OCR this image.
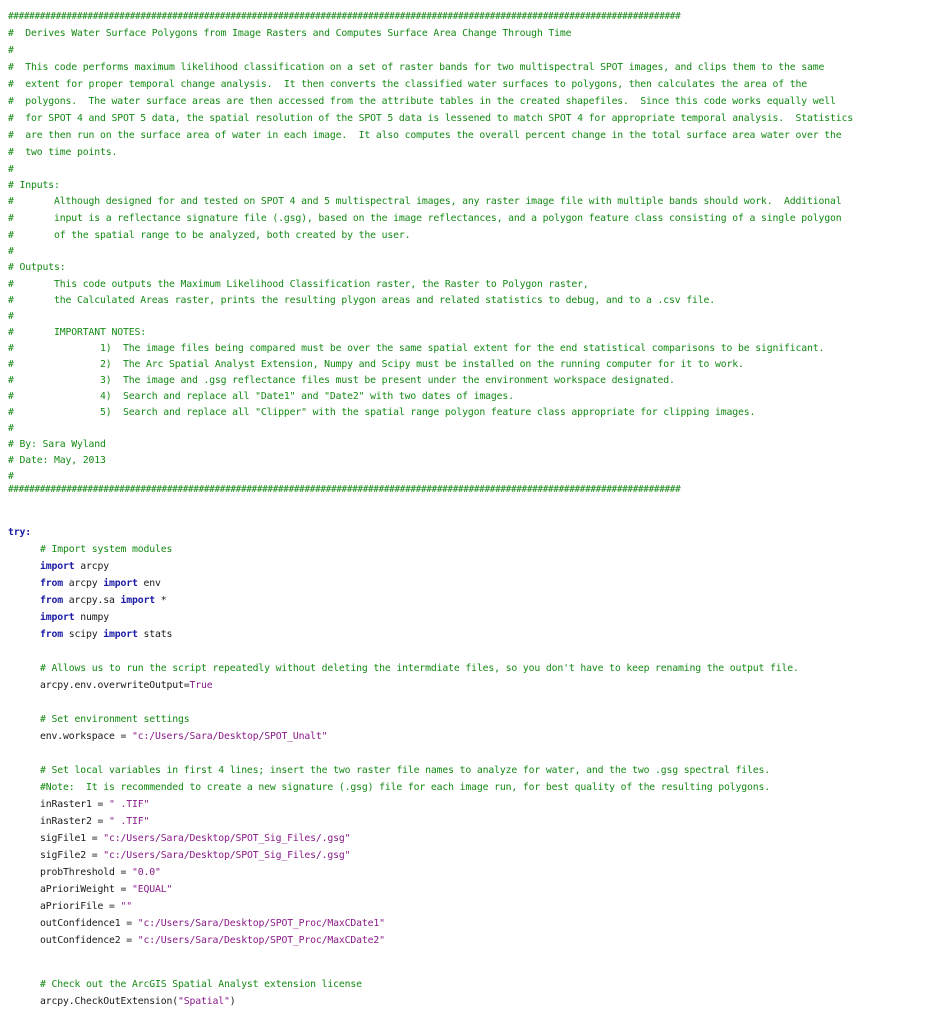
###############################################################################################################################
#  Derives Water Surface Polygons from Image Rasters and Computes Surface Area Change Through Time
#
#  This code performs maximum likelihood classification on a set of raster bands for two multispectral SPOT images, and clips them to the same
#  extent for proper temporal change analysis.  It then converts the classified water surfaces to polygons, then calculates the area of the
#  polygons.  The water surface areas are then accessed from the attribute tables in the created shapefiles.  Since this code works equally well
#  for SPOT 4 and SPOT 5 data, the spatial resolution of the SPOT 5 data is lessened to match SPOT 4 for appropriate temporal analysis.  Statistics
#  are then run on the surface area of water in each image.  It also computes the overall percent change in the total surface area water over the
#  two time points.
#
# Inputs:
#       Although designed for and tested on SPOT 4 and 5 multispectral images, any raster image file with multiple bands should work.  Additional
#       input is a reflectance signature file (.gsg), based on the image reflectances, and a polygon feature class consisting of a single polygon
#       of the spatial range to be analyzed, both created by the user.
#
# Outputs:
#       This code outputs the Maximum Likelihood Classification raster, the Raster to Polygon raster,
#       the Calculated Areas raster, prints the resulting plygon areas and related statistics to debug, and to a .csv file.
#
#       IMPORTANT NOTES:
#               1)  The image files being compared must be over the same spatial extent for the end statistical comparisons to be significant.
#               2)  The Arc Spatial Analyst Extension, Numpy and Scipy must be installed on the running computer for it to work.
#               3)  The image and .gsg reflectance files must be present under the environment workspace designated.
#               4)  Search and replace all "Date1" and "Date2" with two dates of images.
#               5)  Search and replace all "Clipper" with the spatial range polygon feature class appropriate for clipping images.
#
# By: Sara Wyland
# Date: May, 2013
#
###############################################################################################################################
try:
# Import system modules
import arcpy
from arcpy import env
from arcpy.sa import *
import numpy
from scipy import stats
# Allows us to run the script repeatedly without deleting the intermdiate files, so you don't have to keep renaming the output file.
arcpy.env.overwriteOutput=True
# Set environment settings
env.workspace = "c:/Users/Sara/Desktop/SPOT_Unalt"
# Set local variables in first 4 lines; insert the two raster file names to analyze for water, and the two .gsg spectral files.
#Note:  It is recommended to create a new signature (.gsg) file for each image run, for best quality of the resulting polygons.
inRaster1 = " .TIF"
inRaster2 = " .TIF"
sigFile1 = "c:/Users/Sara/Desktop/SPOT_Sig_Files/.gsg"
sigFile2 = "c:/Users/Sara/Desktop/SPOT_Sig_Files/.gsg"
probThreshold = "0.0"
aPrioriWeight = "EQUAL"
aPrioriFile = ""
outConfidence1 = "c:/Users/Sara/Desktop/SPOT_Proc/MaxCDate1"
outConfidence2 = "c:/Users/Sara/Desktop/SPOT_Proc/MaxCDate2"
# Check out the ArcGIS Spatial Analyst extension license
arcpy.CheckOutExtension("Spatial")
